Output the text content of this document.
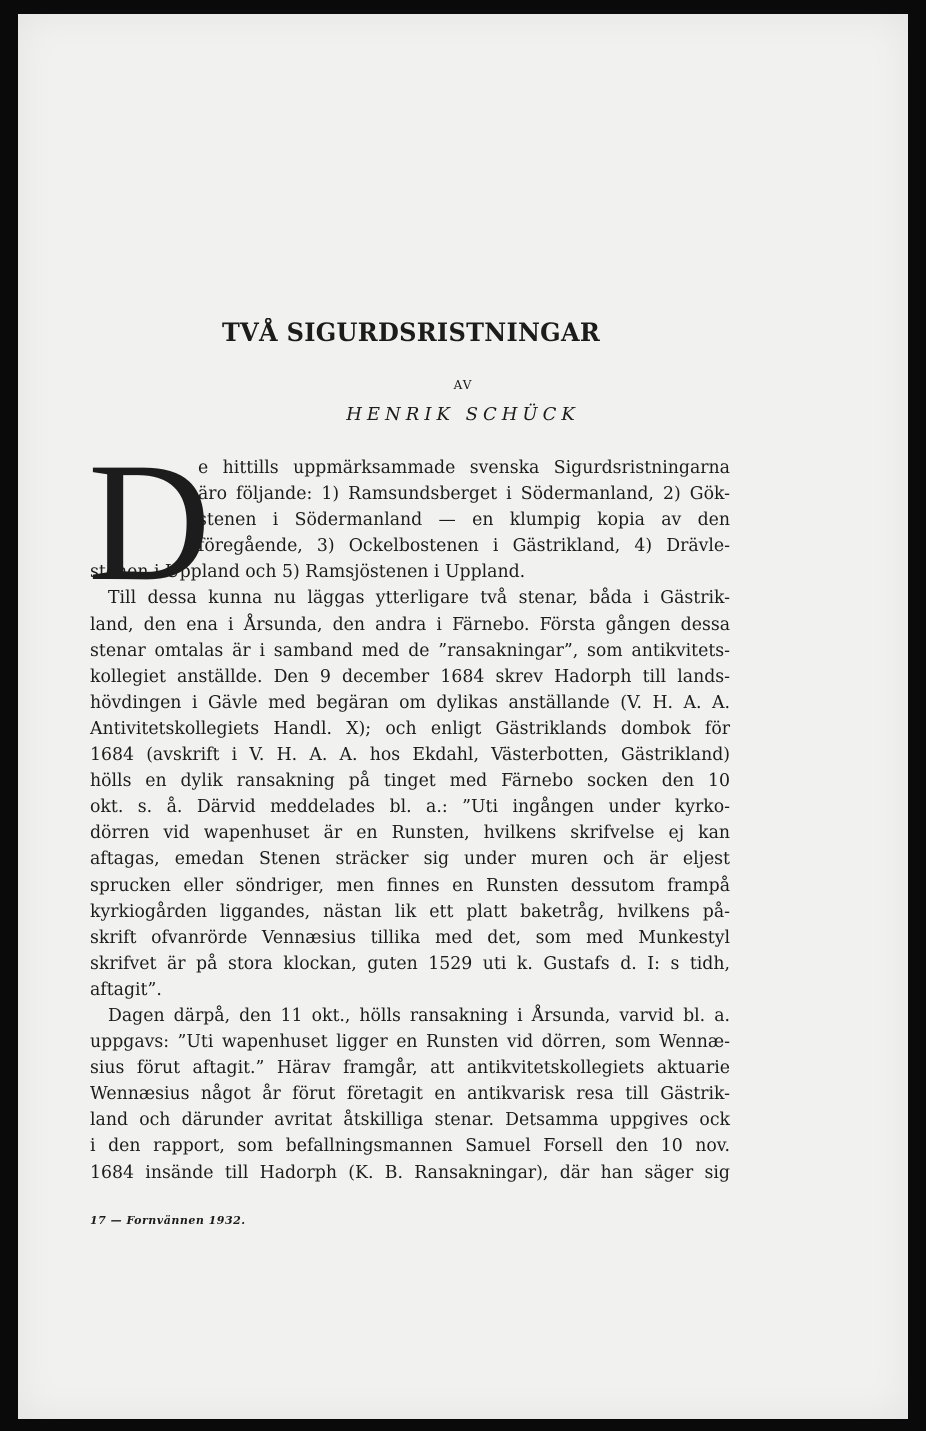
TVÅ SIGURDSRISTNINGAR
AV
HENRIK SCHÜCK
D
e hittills uppmärksammade svenska Sigurdsristningarna
äro följande: 1) Ramsundsberget i Södermanland, 2) Gök-
stenen i Södermanland — en klumpig kopia av den
föregående, 3) Ockelbostenen i Gästrikland, 4) Drävle-
stenen i Uppland och 5) Ramsjöstenen i Uppland.
Till dessa kunna nu läggas ytterligare två stenar, båda i Gästrik-
land, den ena i Årsunda, den andra i Färnebo. Första gången dessa
stenar omtalas är i samband med de ”ransakningar”, som antikvitets-
kollegiet anställde. Den 9 december 1684 skrev Hadorph till lands-
hövdingen i Gävle med begäran om dylikas anställande (V. H. A. A.
Antivitetskollegiets Handl. X); och enligt Gästriklands dombok för
1684 (avskrift i V. H. A. A. hos Ekdahl, Västerbotten, Gästrikland)
hölls en dylik ransakning på tinget med Färnebo socken den 10
okt. s. å. Därvid meddelades bl. a.: ”Uti ingången under kyrko-
dörren vid wapenhuset är en Runsten, hvilkens skrifvelse ej kan
aftagas, emedan Stenen sträcker sig under muren och är eljest
sprucken eller söndriger, men finnes en Runsten dessutom frampå
kyrkiogården liggandes, nästan lik ett platt baketråg, hvilkens på-
skrift ofvanrörde Vennæsius tillika med det, som med Munkestyl
skrifvet är på stora klockan, guten 1529 uti k. Gustafs d. I: s tidh,
aftagit”.
Dagen därpå, den 11 okt., hölls ransakning i Årsunda, varvid bl. a.
uppgavs: ”Uti wapenhuset ligger en Runsten vid dörren, som Wennæ-
sius förut aftagit.” Härav framgår, att antikvitetskollegiets aktuarie
Wennæsius något år förut företagit en antikvarisk resa till Gästrik-
land och därunder avritat åtskilliga stenar. Detsamma uppgives ock
i den rapport, som befallningsmannen Samuel Forsell den 10 nov.
1684 insände till Hadorph (K. B. Ransakningar), där han säger sig
17 — Fornvännen 1932.
